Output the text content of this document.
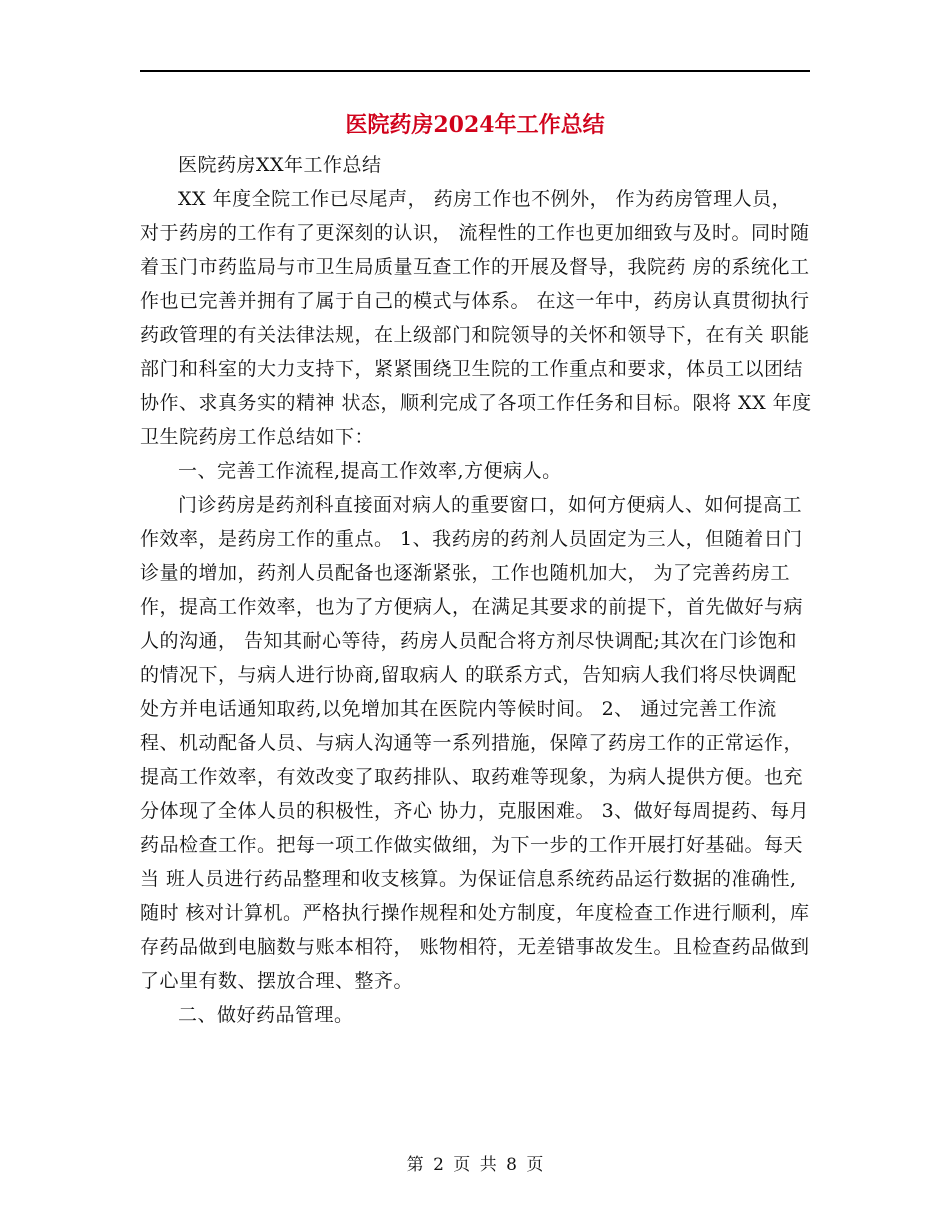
医院药房2024年工作总结

医院药房XX年工作总结

XX 年度全院工作已尽尾声， 药房工作也不例外， 作为药房管理人员， 对于药房的工作有了更深刻的认识， 流程性的工作也更加细致与及时。同时随着玉门市药监局与市卫生局质量互查工作的开展及督导，我院药 房的系统化工作也已完善并拥有了属于自己的模式与体系。 在这一年中，药房认真贯彻执行药政管理的有关法律法规，在上级部门和院领导的关怀和领导下，在有关 职能部门和科室的大力支持下，紧紧围绕卫生院的工作重点和要求，体员工以团结协作、求真务实的精神 状态，顺利完成了各项工作任务和目标。限将 XX 年度卫生院药房工作总结如下：

一、完善工作流程,提高工作效率,方便病人。

门诊药房是药剂科直接面对病人的重要窗口，如何方便病人、如何提高工作效率，是药房工作的重点。 1、我药房的药剂人员固定为三人，但随着日门诊量的增加，药剂人员配备也逐渐紧张，工作也随机加大， 为了完善药房工作，提高工作效率，也为了方便病人，在满足其要求的前提下，首先做好与病人的沟通， 告知其耐心等待，药房人员配合将方剂尽快调配;其次在门诊饱和的情况下，与病人进行协商,留取病人 的联系方式，告知病人我们将尽快调配处方并电话通知取药,以免增加其在医院内等候时间。 2、 通过完善工作流程、机动配备人员、与病人沟通等一系列措施，保障了药房工作的正常运作，提高工作效率，有效改变了取药排队、取药难等现象，为病人提供方便。也充分体现了全体人员的积极性，齐心 协力，克服困难。 3、做好每周提药、每月药品检查工作。把每一项工作做实做细，为下一步的工作开展打好基础。每天当 班人员进行药品整理和收支核算。为保证信息系统药品运行数据的准确性,随时 核对计算机。严格执行操作规程和处方制度，年度检查工作进行顺利，库存药品做到电脑数与账本相符， 账物相符，无差错事故发生。且检查药品做到了心里有数、摆放合理、整齐。

二、做好药品管理。

第 2 页 共 8 页
